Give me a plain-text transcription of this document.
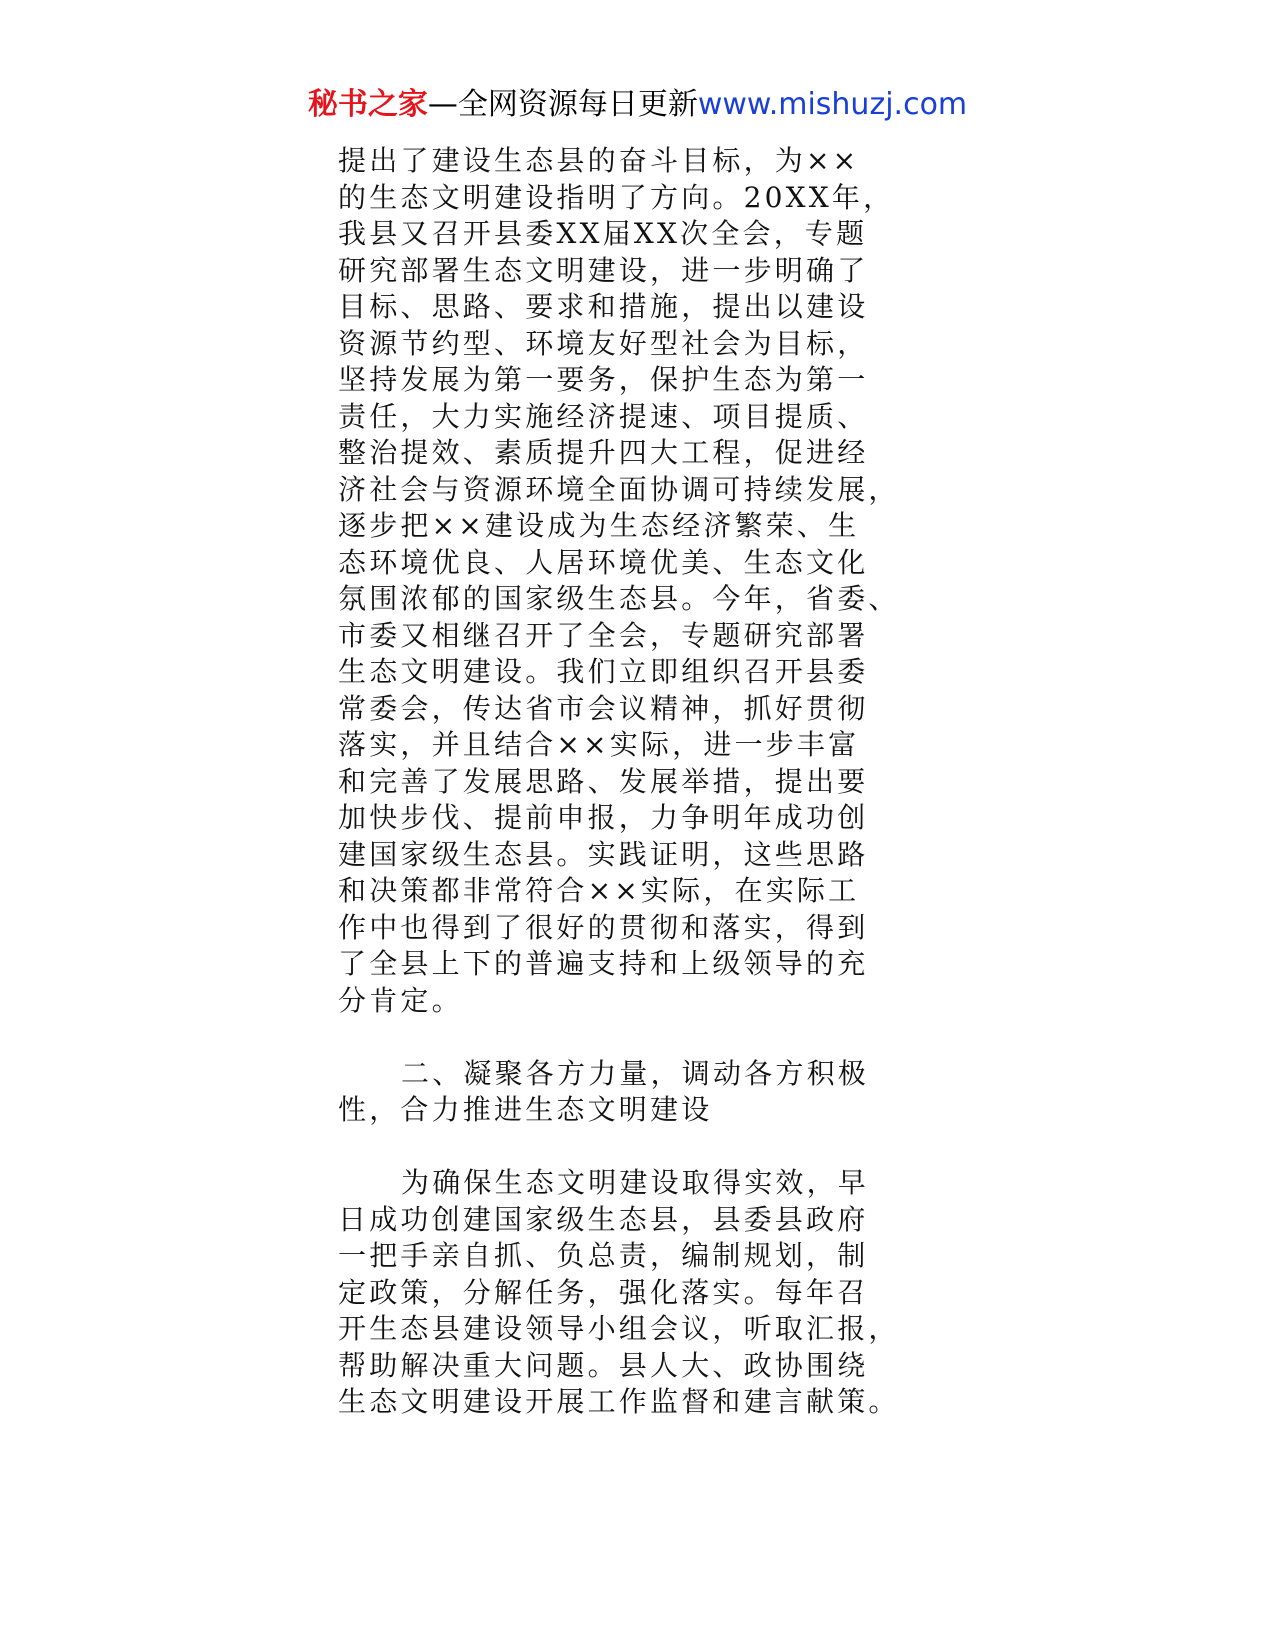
秘书之家—全网资源每日更新www.mishuzj.com
提出了建设生态县的奋斗目标，为××
的生态文明建设指明了方向。20XX年，
我县又召开县委XX届XX次全会，专题
研究部署生态文明建设，进一步明确了
目标、思路、要求和措施，提出以建设
资源节约型、环境友好型社会为目标，
坚持发展为第一要务，保护生态为第一
责任，大力实施经济提速、项目提质、
整治提效、素质提升四大工程，促进经
济社会与资源环境全面协调可持续发展，
逐步把××建设成为生态经济繁荣、生
态环境优良、人居环境优美、生态文化
氛围浓郁的国家级生态县。今年，省委、
市委又相继召开了全会，专题研究部署
生态文明建设。我们立即组织召开县委
常委会，传达省市会议精神，抓好贯彻
落实，并且结合××实际，进一步丰富
和完善了发展思路、发展举措，提出要
加快步伐、提前申报，力争明年成功创
建国家级生态县。实践证明，这些思路
和决策都非常符合××实际，在实际工
作中也得到了很好的贯彻和落实，得到
了全县上下的普遍支持和上级领导的充
分肯定。
二、凝聚各方力量，调动各方积极
性，合力推进生态文明建设
为确保生态文明建设取得实效，早
日成功创建国家级生态县，县委县政府
一把手亲自抓、负总责，编制规划，制
定政策，分解任务，强化落实。每年召
开生态县建设领导小组会议，听取汇报，
帮助解决重大问题。县人大、政协围绕
生态文明建设开展工作监督和建言献策。
